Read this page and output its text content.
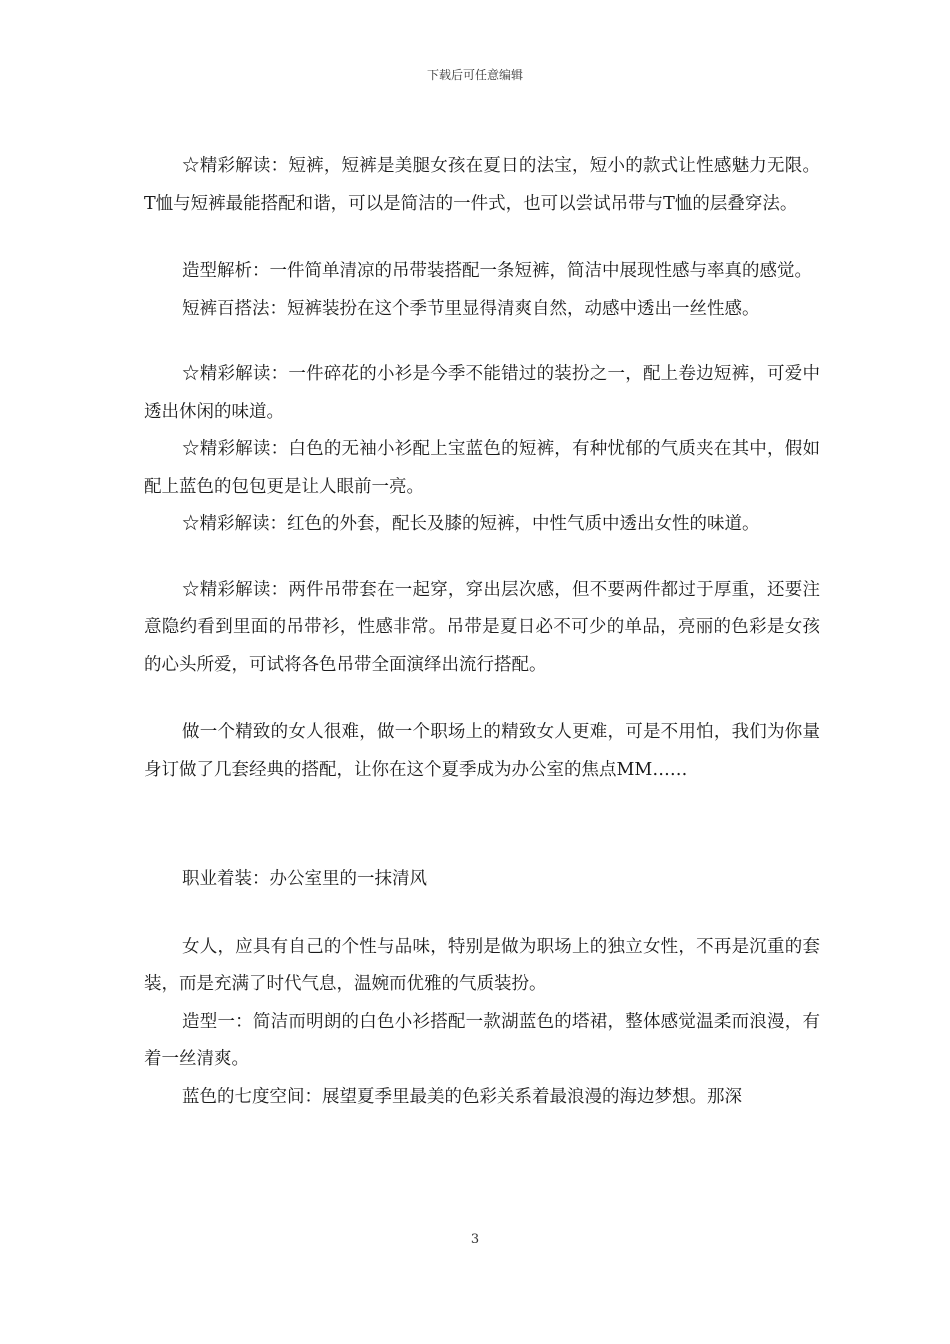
下载后可任意编辑

☆精彩解读：短裤，短裤是美腿女孩在夏日的法宝，短小的款式让性感魅力无限。T恤与短裤最能搭配和谐，可以是简洁的一件式，也可以尝试吊带与T恤的层叠穿法。

造型解析：一件简单清凉的吊带装搭配一条短裤，简洁中展现性感与率真的感觉。

短裤百搭法：短裤装扮在这个季节里显得清爽自然，动感中透出一丝性感。

☆精彩解读：一件碎花的小衫是今季不能错过的装扮之一，配上卷边短裤，可爱中透出休闲的味道。

☆精彩解读：白色的无袖小衫配上宝蓝色的短裤，有种忧郁的气质夹在其中，假如配上蓝色的包包更是让人眼前一亮。

☆精彩解读：红色的外套，配长及膝的短裤，中性气质中透出女性的味道。

☆精彩解读：两件吊带套在一起穿，穿出层次感，但不要两件都过于厚重，还要注意隐约看到里面的吊带衫，性感非常。吊带是夏日必不可少的单品，亮丽的色彩是女孩的心头所爱，可试将各色吊带全面演绎出流行搭配。

做一个精致的女人很难，做一个职场上的精致女人更难，可是不用怕，我们为你量身订做了几套经典的搭配，让你在这个夏季成为办公室的焦点MM……

职业着装：办公室里的一抹清风

女人，应具有自己的个性与品味，特别是做为职场上的独立女性，不再是沉重的套装，而是充满了时代气息，温婉而优雅的气质装扮。

造型一：简洁而明朗的白色小衫搭配一款湖蓝色的塔裙，整体感觉温柔而浪漫，有着一丝清爽。

蓝色的七度空间：展望夏季里最美的色彩关系着最浪漫的海边梦想。那深

3
